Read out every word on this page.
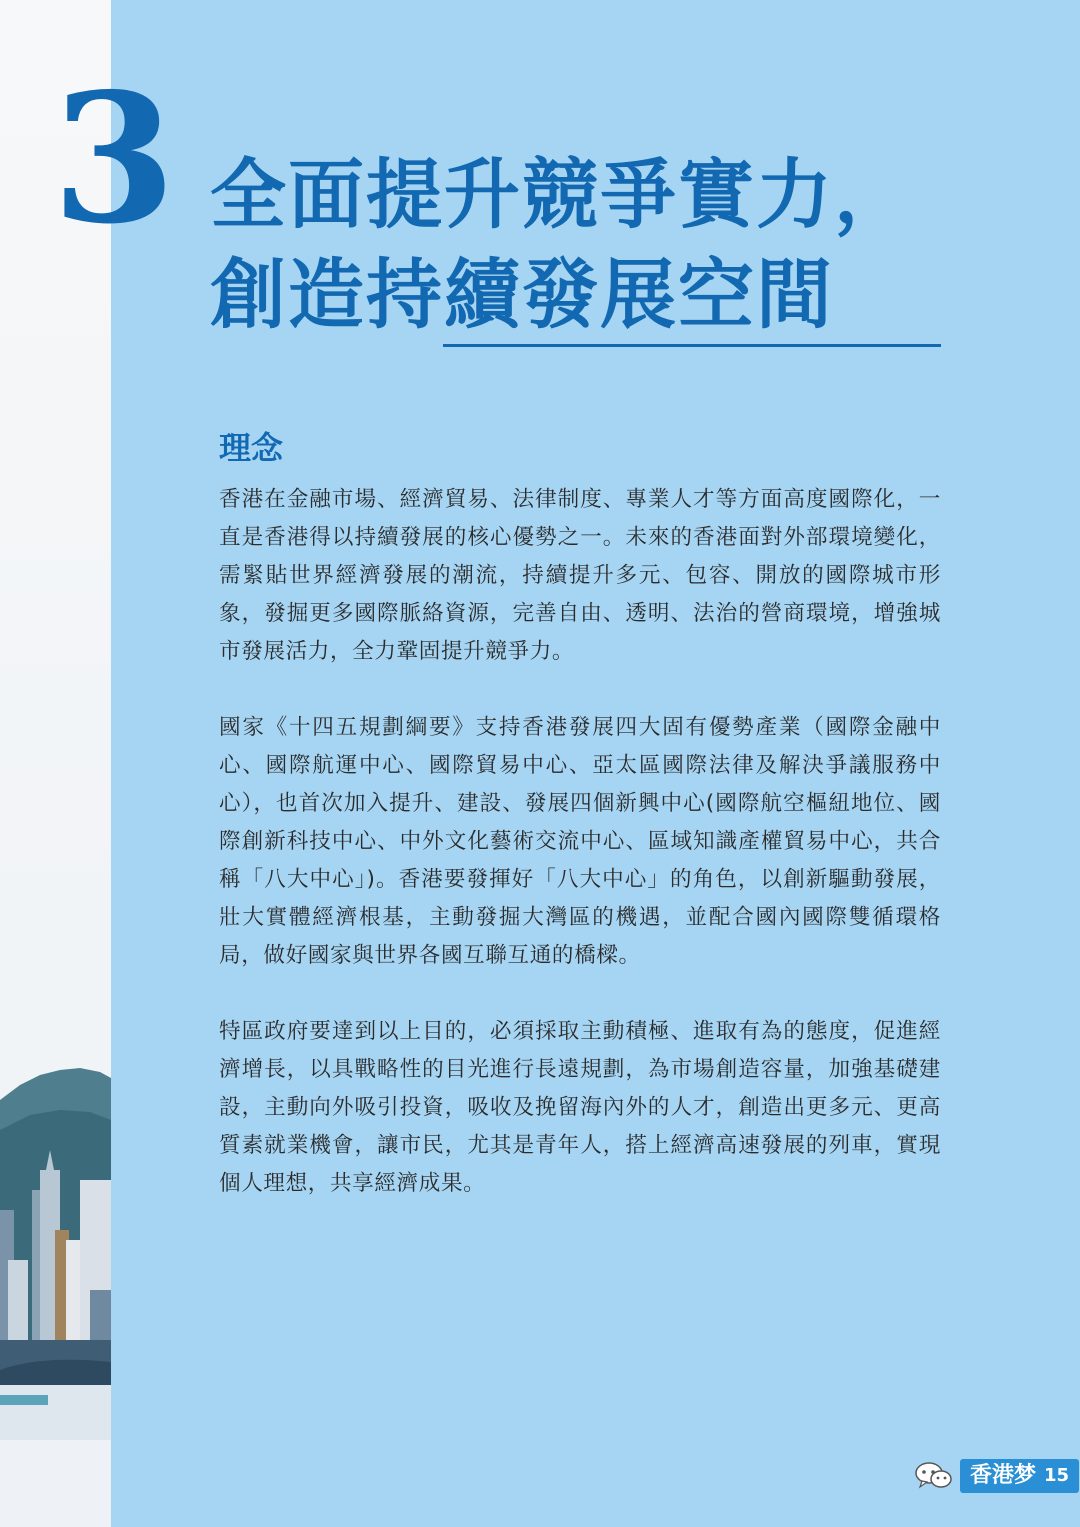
3 全面提升競爭實力，
創造持續發展空間
理念

香港在金融市場、經濟貿易、法律制度、專業人才等方面高度國際化，一直是香港得以持續發展的核心優勢之一。未來的香港面對外部環境變化，需緊貼世界經濟發展的潮流，持續提升多元、包容、開放的國際城市形象，發掘更多國際脈絡資源，完善自由、透明、法治的營商環境，增強城市發展活力，全力鞏固提升競爭力。

國家《十四五規劃綱要》支持香港發展四大固有優勢產業（國際金融中心、國際航運中心、國際貿易中心、亞太區國際法律及解決爭議服務中心），也首次加入提升、建設、發展四個新興中心(國際航空樞紐地位、國際創新科技中心、中外文化藝術交流中心、區域知識產權貿易中心，共合稱「八大中心」)。香港要發揮好「八大中心」的角色，以創新驅動發展，壯大實體經濟根基，主動發掘大灣區的機遇，並配合國內國際雙循環格局，做好國家與世界各國互聯互通的橋樑。

特區政府要達到以上目的，必須採取主動積極、進取有為的態度，促進經濟增長，以具戰略性的目光進行長遠規劃，為市場創造容量，加強基礎建設，主動向外吸引投資，吸收及挽留海內外的人才，創造出更多元、更高質素就業機會，讓市民，尤其是青年人，搭上經濟高速發展的列車，實現個人理想，共享經濟成果。

香港梦 15
